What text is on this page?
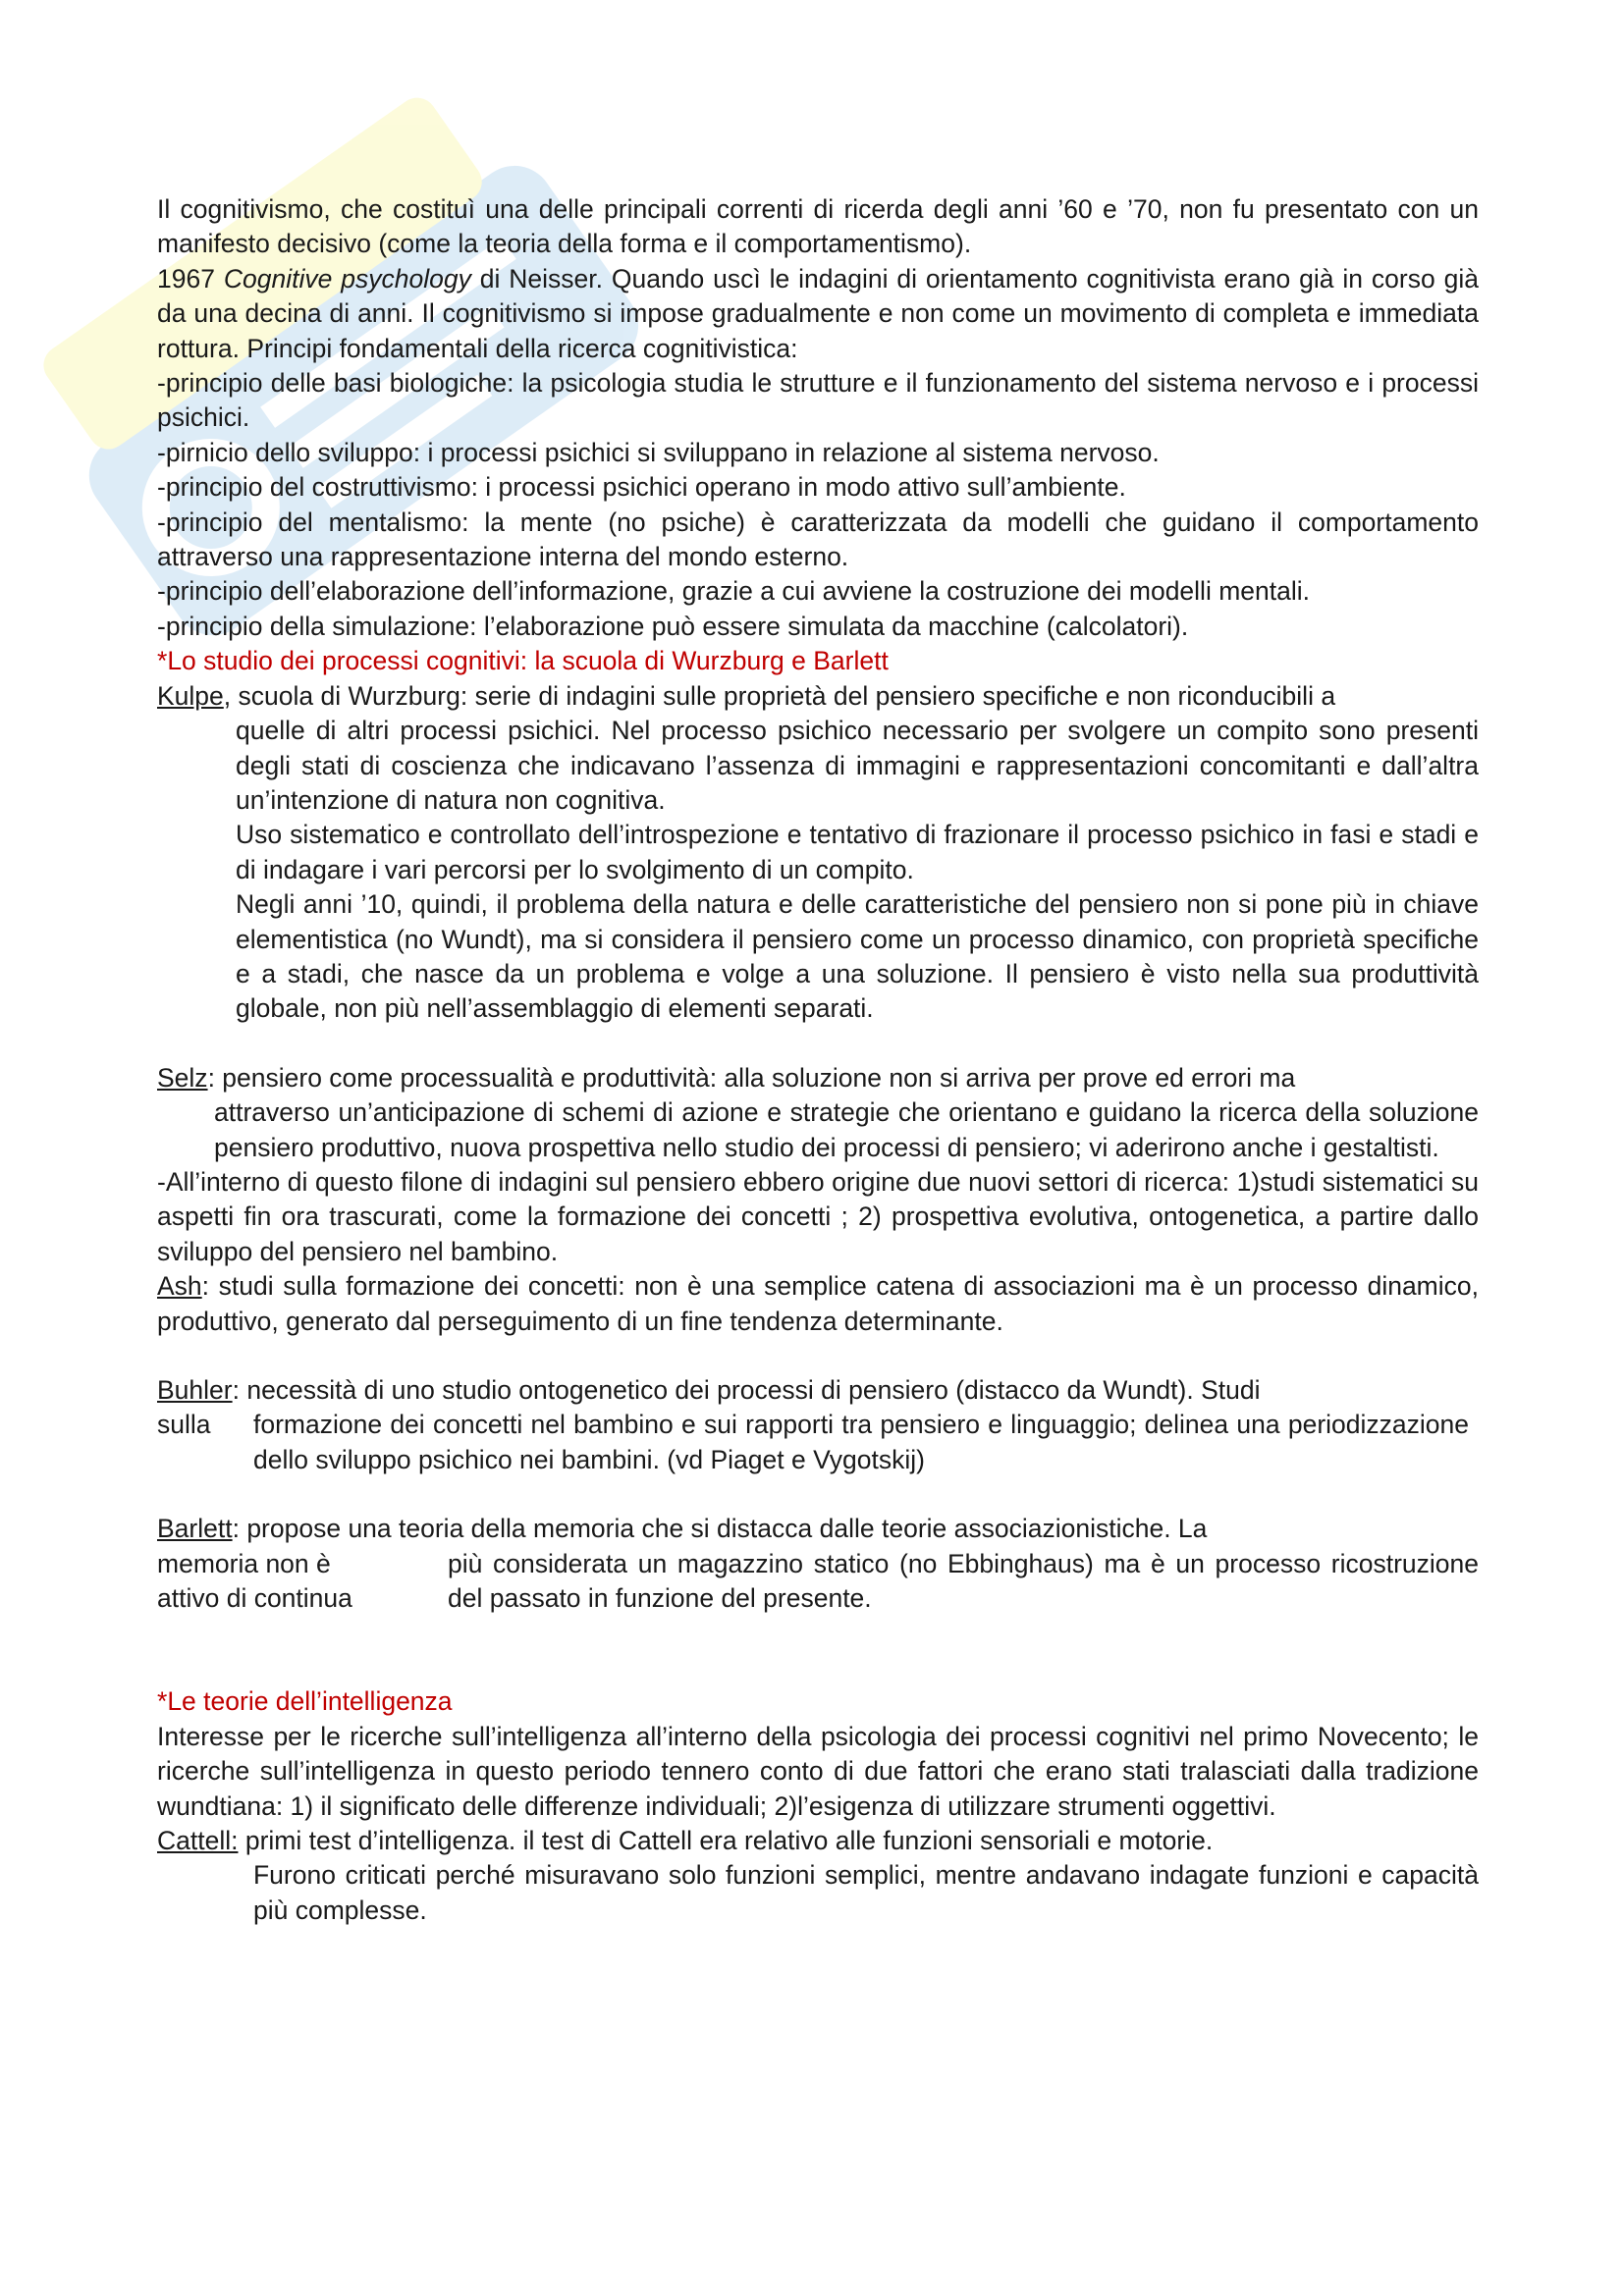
Il cognitivismo, che costituì una delle principali correnti di ricerda degli anni ’60 e ’70, non fu presentato con un manifesto decisivo (come la teoria della forma e il comportamentismo).

1967 Cognitive psychology di Neisser. Quando uscì le indagini di orientamento cognitivista erano già in corso già da una decina di anni. Il cognitivismo si impose gradualmente e non come un movimento di completa e immediata rottura. Principi fondamentali della ricerca cognitivistica:

-principio delle basi biologiche: la psicologia studia le strutture e il funzionamento del sistema nervoso e i processi psichici.

-pirnicio dello sviluppo: i processi psichici si sviluppano in relazione al sistema nervoso.

-principio del costruttivismo: i processi psichici operano in modo attivo sull’ambiente.

-principio del mentalismo: la mente (no psiche) è caratterizzata da modelli che guidano il comportamento attraverso una rappresentazione interna del mondo esterno.

-principio dell’elaborazione dell’informazione, grazie a cui avviene la costruzione dei modelli mentali.

-principio della simulazione: l’elaborazione può essere simulata da macchine (calcolatori).

*Lo studio dei processi cognitivi: la scuola di Wurzburg e Barlett

Kulpe, scuola di Wurzburg: serie di indagini sulle proprietà del pensiero specifiche e non riconducibili a

quelle di altri processi psichici. Nel processo psichico necessario per svolgere un compito sono presenti degli stati di coscienza che indicavano l’assenza di immagini e rappresentazioni concomitanti e dall’altra un’intenzione di natura non cognitiva.

Uso sistematico e controllato dell’introspezione e tentativo di frazionare il processo psichico in fasi e stadi e di indagare i vari percorsi per lo svolgimento di un compito.

Negli anni ’10, quindi, il problema della natura e delle caratteristiche del pensiero non si pone più in chiave elementistica (no Wundt), ma si considera il pensiero come un processo dinamico, con proprietà specifiche e a stadi, che nasce da un problema e volge a una soluzione. Il pensiero è visto nella sua produttività globale, non più nell’assemblaggio di elementi separati.

Selz: pensiero come processualità e produttività: alla soluzione non si arriva per prove ed errori ma

attraverso un’anticipazione di schemi di azione e strategie che orientano e guidano la ricerca della soluzione pensiero produttivo, nuova prospettiva nello studio dei processi di pensiero; vi aderirono anche i gestaltisti.

-All’interno di questo filone di indagini sul pensiero ebbero origine due nuovi settori di ricerca: 1)studi sistematici su aspetti fin ora trascurati, come la formazione dei concetti ; 2) prospettiva evolutiva, ontogenetica, a partire dallo sviluppo del pensiero nel bambino.

Ash: studi sulla formazione dei concetti: non è una semplice catena di associazioni ma è un processo dinamico, produttivo, generato dal perseguimento di un fine tendenza determinante.

Buhler: necessità di uno studio ontogenetico dei processi di pensiero (distacco da Wundt). Studi

sulla	formazione dei concetti nel bambino e sui rapporti tra pensiero e linguaggio; delinea una periodizzazione dello sviluppo psichico nei bambini. (vd Piaget e Vygotskij)

Barlett: propose una teoria della memoria che si distacca dalle teorie associazionistiche. La

memoria non è
attivo di continua
più considerata un magazzino statico (no Ebbinghaus) ma è un processo ricostruzione del passato in funzione del presente.

*Le teorie dell’intelligenza

Interesse per le ricerche sull’intelligenza all’interno della psicologia dei processi cognitivi nel primo Novecento; le ricerche sull’intelligenza in questo periodo tennero conto di due fattori che erano stati tralasciati dalla tradizione wundtiana: 1) il significato delle differenze individuali; 2)l’esigenza di utilizzare strumenti oggettivi.

Cattell: primi test d’intelligenza. il test di Cattell era relativo alle funzioni sensoriali e motorie.

Furono criticati perché misuravano solo funzioni semplici, mentre andavano indagate funzioni e capacità più complesse.
